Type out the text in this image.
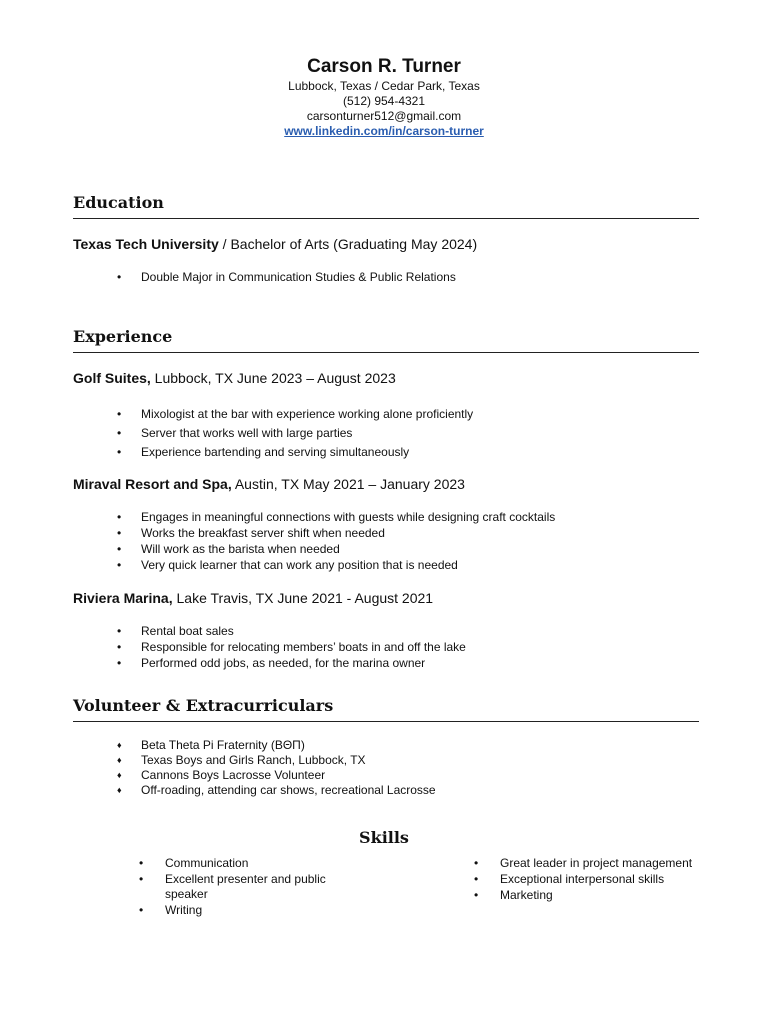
Carson R. Turner
Lubbock, Texas / Cedar Park, Texas
(512) 954-4321
carsonturner512@gmail.com
www.linkedin.com/in/carson-turner
Education
Texas Tech University / Bachelor of Arts (Graduating May 2024)
• Double Major in Communication Studies & Public Relations
Experience
Golf Suites, Lubbock, TX June 2023 – August 2023
• Mixologist at the bar with experience working alone proficiently
• Server that works well with large parties
• Experience bartending and serving simultaneously
Miraval Resort and Spa, Austin, TX May 2021 – January 2023
• Engages in meaningful connections with guests while designing craft cocktails
• Works the breakfast server shift when needed
• Will work as the barista when needed
• Very quick learner that can work any position that is needed
Riviera Marina, Lake Travis, TX June 2021 - August 2021
• Rental boat sales
• Responsible for relocating members’ boats in and off the lake
• Performed odd jobs, as needed, for the marina owner
Volunteer & Extracurriculars
♦ Beta Theta Pi Fraternity (ΒΘΠ)
♦ Texas Boys and Girls Ranch, Lubbock, TX
♦ Cannons Boys Lacrosse Volunteer
♦ Off-roading, attending car shows, recreational Lacrosse
Skills
• Communication
• Excellent presenter and public speaker
• Writing
• Great leader in project management
• Exceptional interpersonal skills
• Marketing
